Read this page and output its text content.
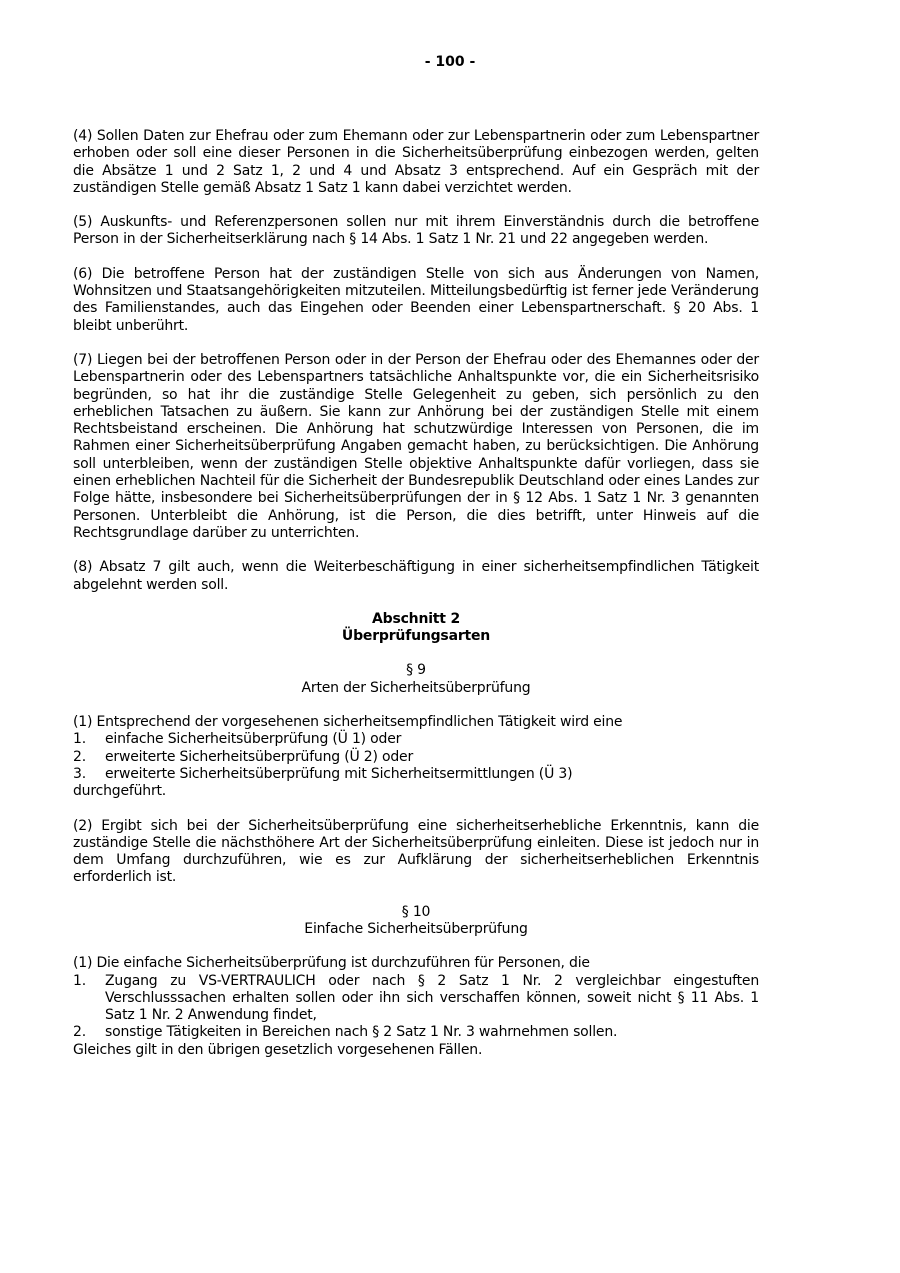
- 100 -

(4) Sollen Daten zur Ehefrau oder zum Ehemann oder zur Lebenspartnerin oder zum Lebenspartner erhoben oder soll eine dieser Personen in die Sicherheitsüberprüfung einbezogen werden, gelten die Absätze 1 und 2 Satz 1, 2 und 4 und Absatz 3 entsprechend. Auf ein Gespräch mit der zuständigen Stelle gemäß Absatz 1 Satz 1 kann dabei verzichtet werden.

(5) Auskunfts- und Referenzpersonen sollen nur mit ihrem Einverständnis durch die betroffene Person in der Sicherheitserklärung nach § 14 Abs. 1 Satz 1 Nr. 21 und 22 angegeben werden.

(6) Die betroffene Person hat der zuständigen Stelle von sich aus Änderungen von Namen, Wohnsitzen und Staatsangehörigkeiten mitzuteilen. Mitteilungsbedürftig ist ferner jede Veränderung des Familienstandes, auch das Eingehen oder Beenden einer Lebenspartnerschaft. § 20 Abs. 1 bleibt unberührt.

(7) Liegen bei der betroffenen Person oder in der Person der Ehefrau oder des Ehemannes oder der Lebenspartnerin oder des Lebenspartners tatsächliche Anhaltspunkte vor, die ein Sicherheitsrisiko begründen, so hat ihr die zuständige Stelle Gelegenheit zu geben, sich persönlich zu den erheblichen Tatsachen zu äußern. Sie kann zur Anhörung bei der zuständigen Stelle mit einem Rechtsbeistand erscheinen. Die Anhörung hat schutzwürdige Interessen von Personen, die im Rahmen einer Sicherheitsüberprüfung Angaben gemacht haben, zu berücksichtigen. Die Anhörung soll unterbleiben, wenn der zuständigen Stelle objektive Anhaltspunkte dafür vorliegen, dass sie einen erheblichen Nachteil für die Sicherheit der Bundesrepublik Deutschland oder eines Landes zur Folge hätte, insbesondere bei Sicherheitsüberprüfungen der in § 12 Abs. 1 Satz 1 Nr. 3 genannten Personen. Unterbleibt die Anhörung, ist die Person, die dies betrifft, unter Hinweis auf die Rechtsgrundlage darüber zu unterrichten.

(8) Absatz 7 gilt auch, wenn die Weiterbeschäftigung in einer sicherheitsempfindlichen Tätigkeit abgelehnt werden soll.

Abschnitt 2
Überprüfungsarten
§ 9
Arten der Sicherheitsüberprüfung

(1) Entsprechend der vorgesehenen sicherheitsempfindlichen Tätigkeit wird eine

1. einfache Sicherheitsüberprüfung (Ü 1) oder
2. erweiterte Sicherheitsüberprüfung (Ü 2) oder
3. erweiterte Sicherheitsüberprüfung mit Sicherheitsermittlungen (Ü 3)

durchgeführt.

(2) Ergibt sich bei der Sicherheitsüberprüfung eine sicherheitserhebliche Erkenntnis, kann die zuständige Stelle die nächsthöhere Art der Sicherheitsüberprüfung einleiten. Diese ist jedoch nur in dem Umfang durchzuführen, wie es zur Aufklärung der sicherheitserheblichen Erkenntnis erforderlich ist.

§ 10
Einfache Sicherheitsüberprüfung

(1) Die einfache Sicherheitsüberprüfung ist durchzuführen für Personen, die

1. Zugang zu VS-VERTRAULICH oder nach § 2 Satz 1 Nr. 2 vergleichbar eingestuften Verschlusssachen erhalten sollen oder ihn sich verschaffen können, soweit nicht § 11 Abs. 1 Satz 1 Nr. 2 Anwendung findet,
2. sonstige Tätigkeiten in Bereichen nach § 2 Satz 1 Nr. 3 wahrnehmen sollen.

Gleiches gilt in den übrigen gesetzlich vorgesehenen Fällen.
